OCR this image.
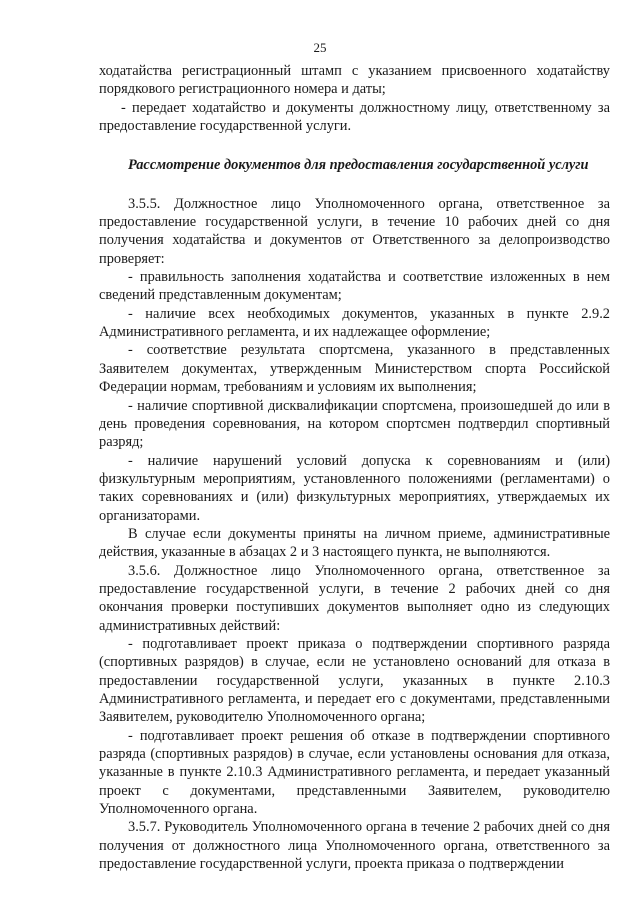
25

ходатайства регистрационный штамп с указанием присвоенного ходатайству порядкового регистрационного номера и даты;

- передает ходатайство и документы должностному лицу, ответственному за предоставление государственной услуги.

Рассмотрение документов для предоставления государственной услуги

3.5.5. Должностное лицо Уполномоченного органа, ответственное за предоставление государственной услуги, в течение 10 рабочих дней со дня получения ходатайства и документов от Ответственного за делопроизводство проверяет:

- правильность заполнения ходатайства и соответствие изложенных в нем сведений представленным документам;

- наличие всех необходимых документов, указанных в пункте 2.9.2 Административного регламента, и их надлежащее оформление;

- соответствие результата спортсмена, указанного в представленных Заявителем документах, утвержденным Министерством спорта Российской Федерации нормам, требованиям и условиям их выполнения;

- наличие спортивной дисквалификации спортсмена, произошедшей до или в день проведения соревнования, на котором спортсмен подтвердил спортивный разряд;

- наличие нарушений условий допуска к соревнованиям и (или) физкультурным мероприятиям, установленного положениями (регламентами) о таких соревнованиях и (или) физкультурных мероприятиях, утверждаемых их организаторами.

В случае если документы приняты на личном приеме, административные действия, указанные в абзацах 2 и 3 настоящего пункта, не выполняются.

3.5.6. Должностное лицо Уполномоченного органа, ответственное за предоставление государственной услуги, в течение 2 рабочих дней со дня окончания проверки поступивших документов выполняет одно из следующих административных действий:

- подготавливает проект приказа о подтверждении спортивного разряда (спортивных разрядов) в случае, если не установлено оснований для отказа в предоставлении государственной услуги, указанных в пункте 2.10.3 Административного регламента, и передает его с документами, представленными Заявителем, руководителю Уполномоченного органа;

- подготавливает проект решения об отказе в подтверждении спортивного разряда (спортивных разрядов) в случае, если установлены основания для отказа, указанные в пункте 2.10.3 Административного регламента, и передает указанный проект с документами, представленными Заявителем, руководителю Уполномоченного органа.

3.5.7. Руководитель Уполномоченного органа в течение 2 рабочих дней со дня получения от должностного лица Уполномоченного органа, ответственного за предоставление государственной услуги, проекта приказа о подтверждении
